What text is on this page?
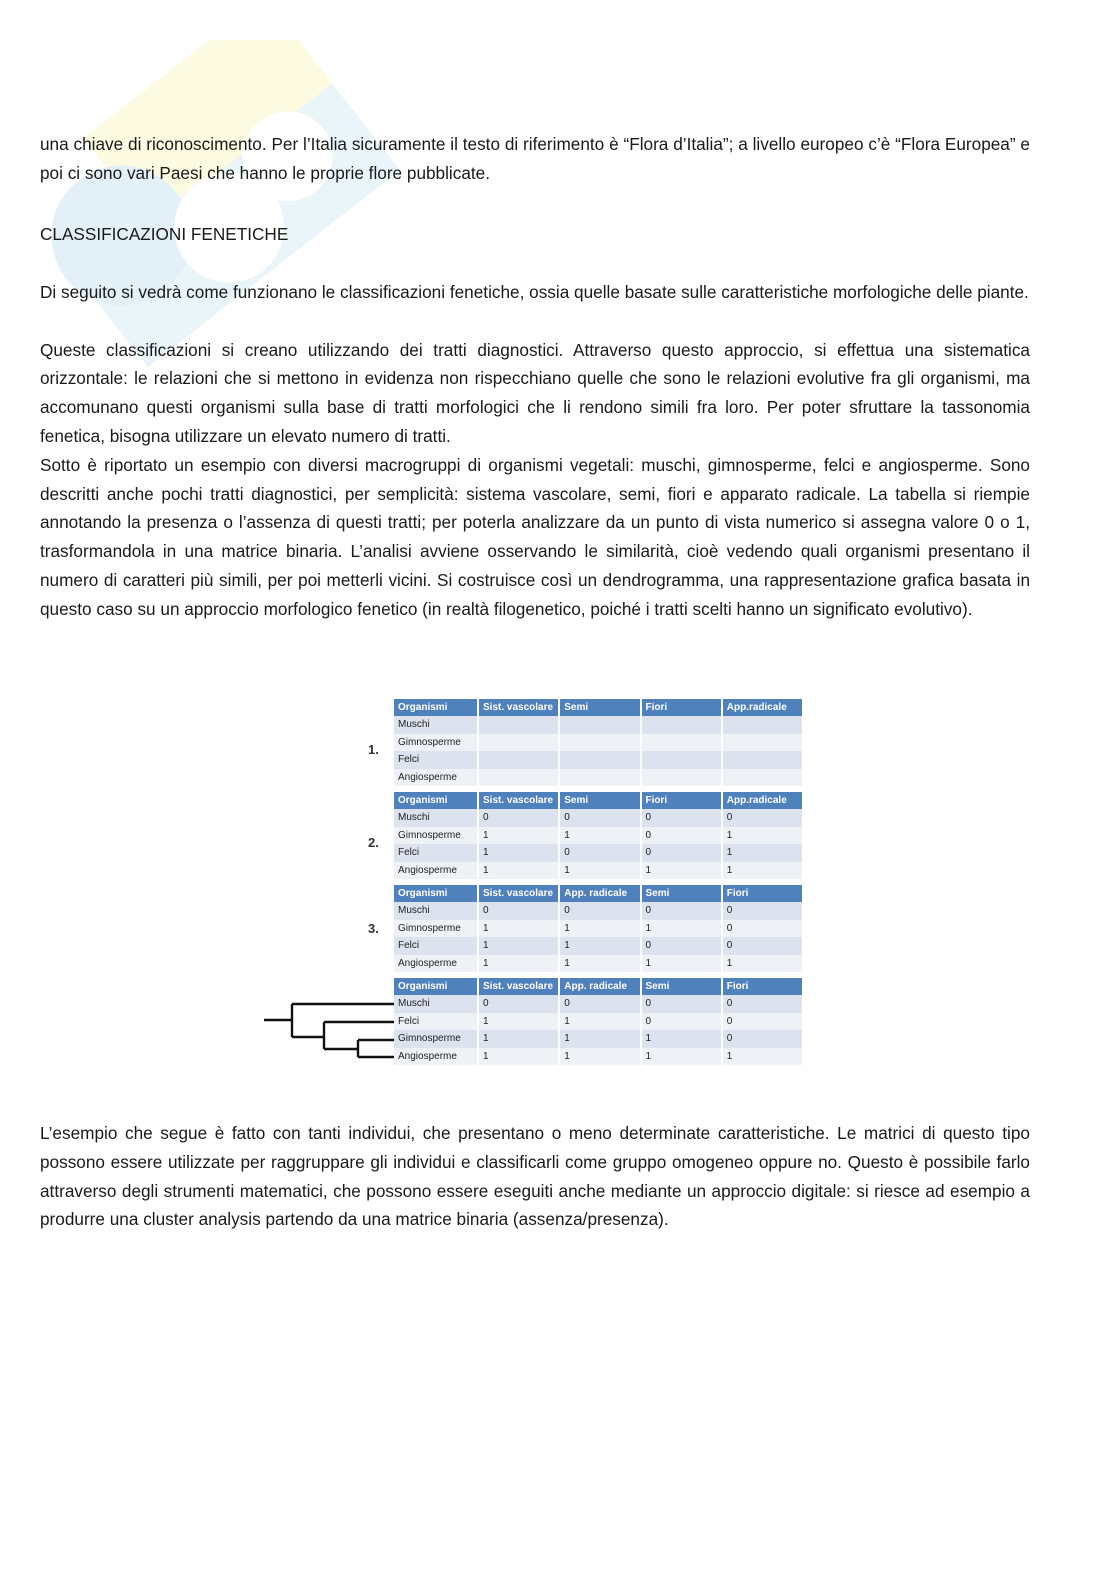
una chiave di riconoscimento. Per l’Italia sicuramente il testo di riferimento è “Flora d’Italia”; a livello europeo c’è “Flora Europea” e poi ci sono vari Paesi che hanno le proprie flore pubblicate.

CLASSIFICAZIONI FENETICHE

Di seguito si vedrà come funzionano le classificazioni fenetiche, ossia quelle basate sulle caratteristiche morfologiche delle piante.

Queste classificazioni si creano utilizzando dei tratti diagnostici. Attraverso questo approccio, si effettua una sistematica orizzontale: le relazioni che si mettono in evidenza non rispecchiano quelle che sono le relazioni evolutive fra gli organismi, ma accomunano questi organismi sulla base di tratti morfologici che li rendono simili fra loro. Per poter sfruttare la tassonomia fenetica, bisogna utilizzare un elevato numero di tratti.

Sotto è riportato un esempio con diversi macrogruppi di organismi vegetali: muschi, gimnosperme, felci e angiosperme. Sono descritti anche pochi tratti diagnostici, per semplicità: sistema vascolare, semi, fiori e apparato radicale. La tabella si riempie annotando la presenza o l’assenza di questi tratti; per poterla analizzare da un punto di vista numerico si assegna valore 0 o 1, trasformandola in una matrice binaria. L’analisi avviene osservando le similarità, cioè vedendo quali organismi presentano il numero di caratteri più simili, per poi metterli vicini. Si costruisce così un dendrogramma, una rappresentazione grafica basata in questo caso su un approccio morfologico fenetico (in realtà filogenetico, poiché i tratti scelti hanno un significato evolutivo).

1.
Organismi	Sist. vascolare	Semi	Fiori	App.radicale
Muschi				
Gimnosperme				
Felci				
Angiosperme				
2.
Organismi	Sist. vascolare	Semi	Fiori	App.radicale
Muschi	0	0	0	0
Gimnosperme	1	1	0	1
Felci	1	0	0	1
Angiosperme	1	1	1	1
3.
Organismi	Sist. vascolare	App. radicale	Semi	Fiori
Muschi	0	0	0	0
Gimnosperme	1	1	1	0
Felci	1	1	0	0
Angiosperme	1	1	1	1
Organismi	Sist. vascolare	App. radicale	Semi	Fiori
Muschi	0	0	0	0
Felci	1	1	0	0
Gimnosperme	1	1	1	0
Angiosperme	1	1	1	1

L’esempio che segue è fatto con tanti individui, che presentano o meno determinate caratteristiche. Le matrici di questo tipo possono essere utilizzate per raggruppare gli individui e classificarli come gruppo omogeneo oppure no. Questo è possibile farlo attraverso degli strumenti matematici, che possono essere eseguiti anche mediante un approccio digitale: si riesce ad esempio a produrre una cluster analysis partendo da una matrice binaria (assenza/presenza).
